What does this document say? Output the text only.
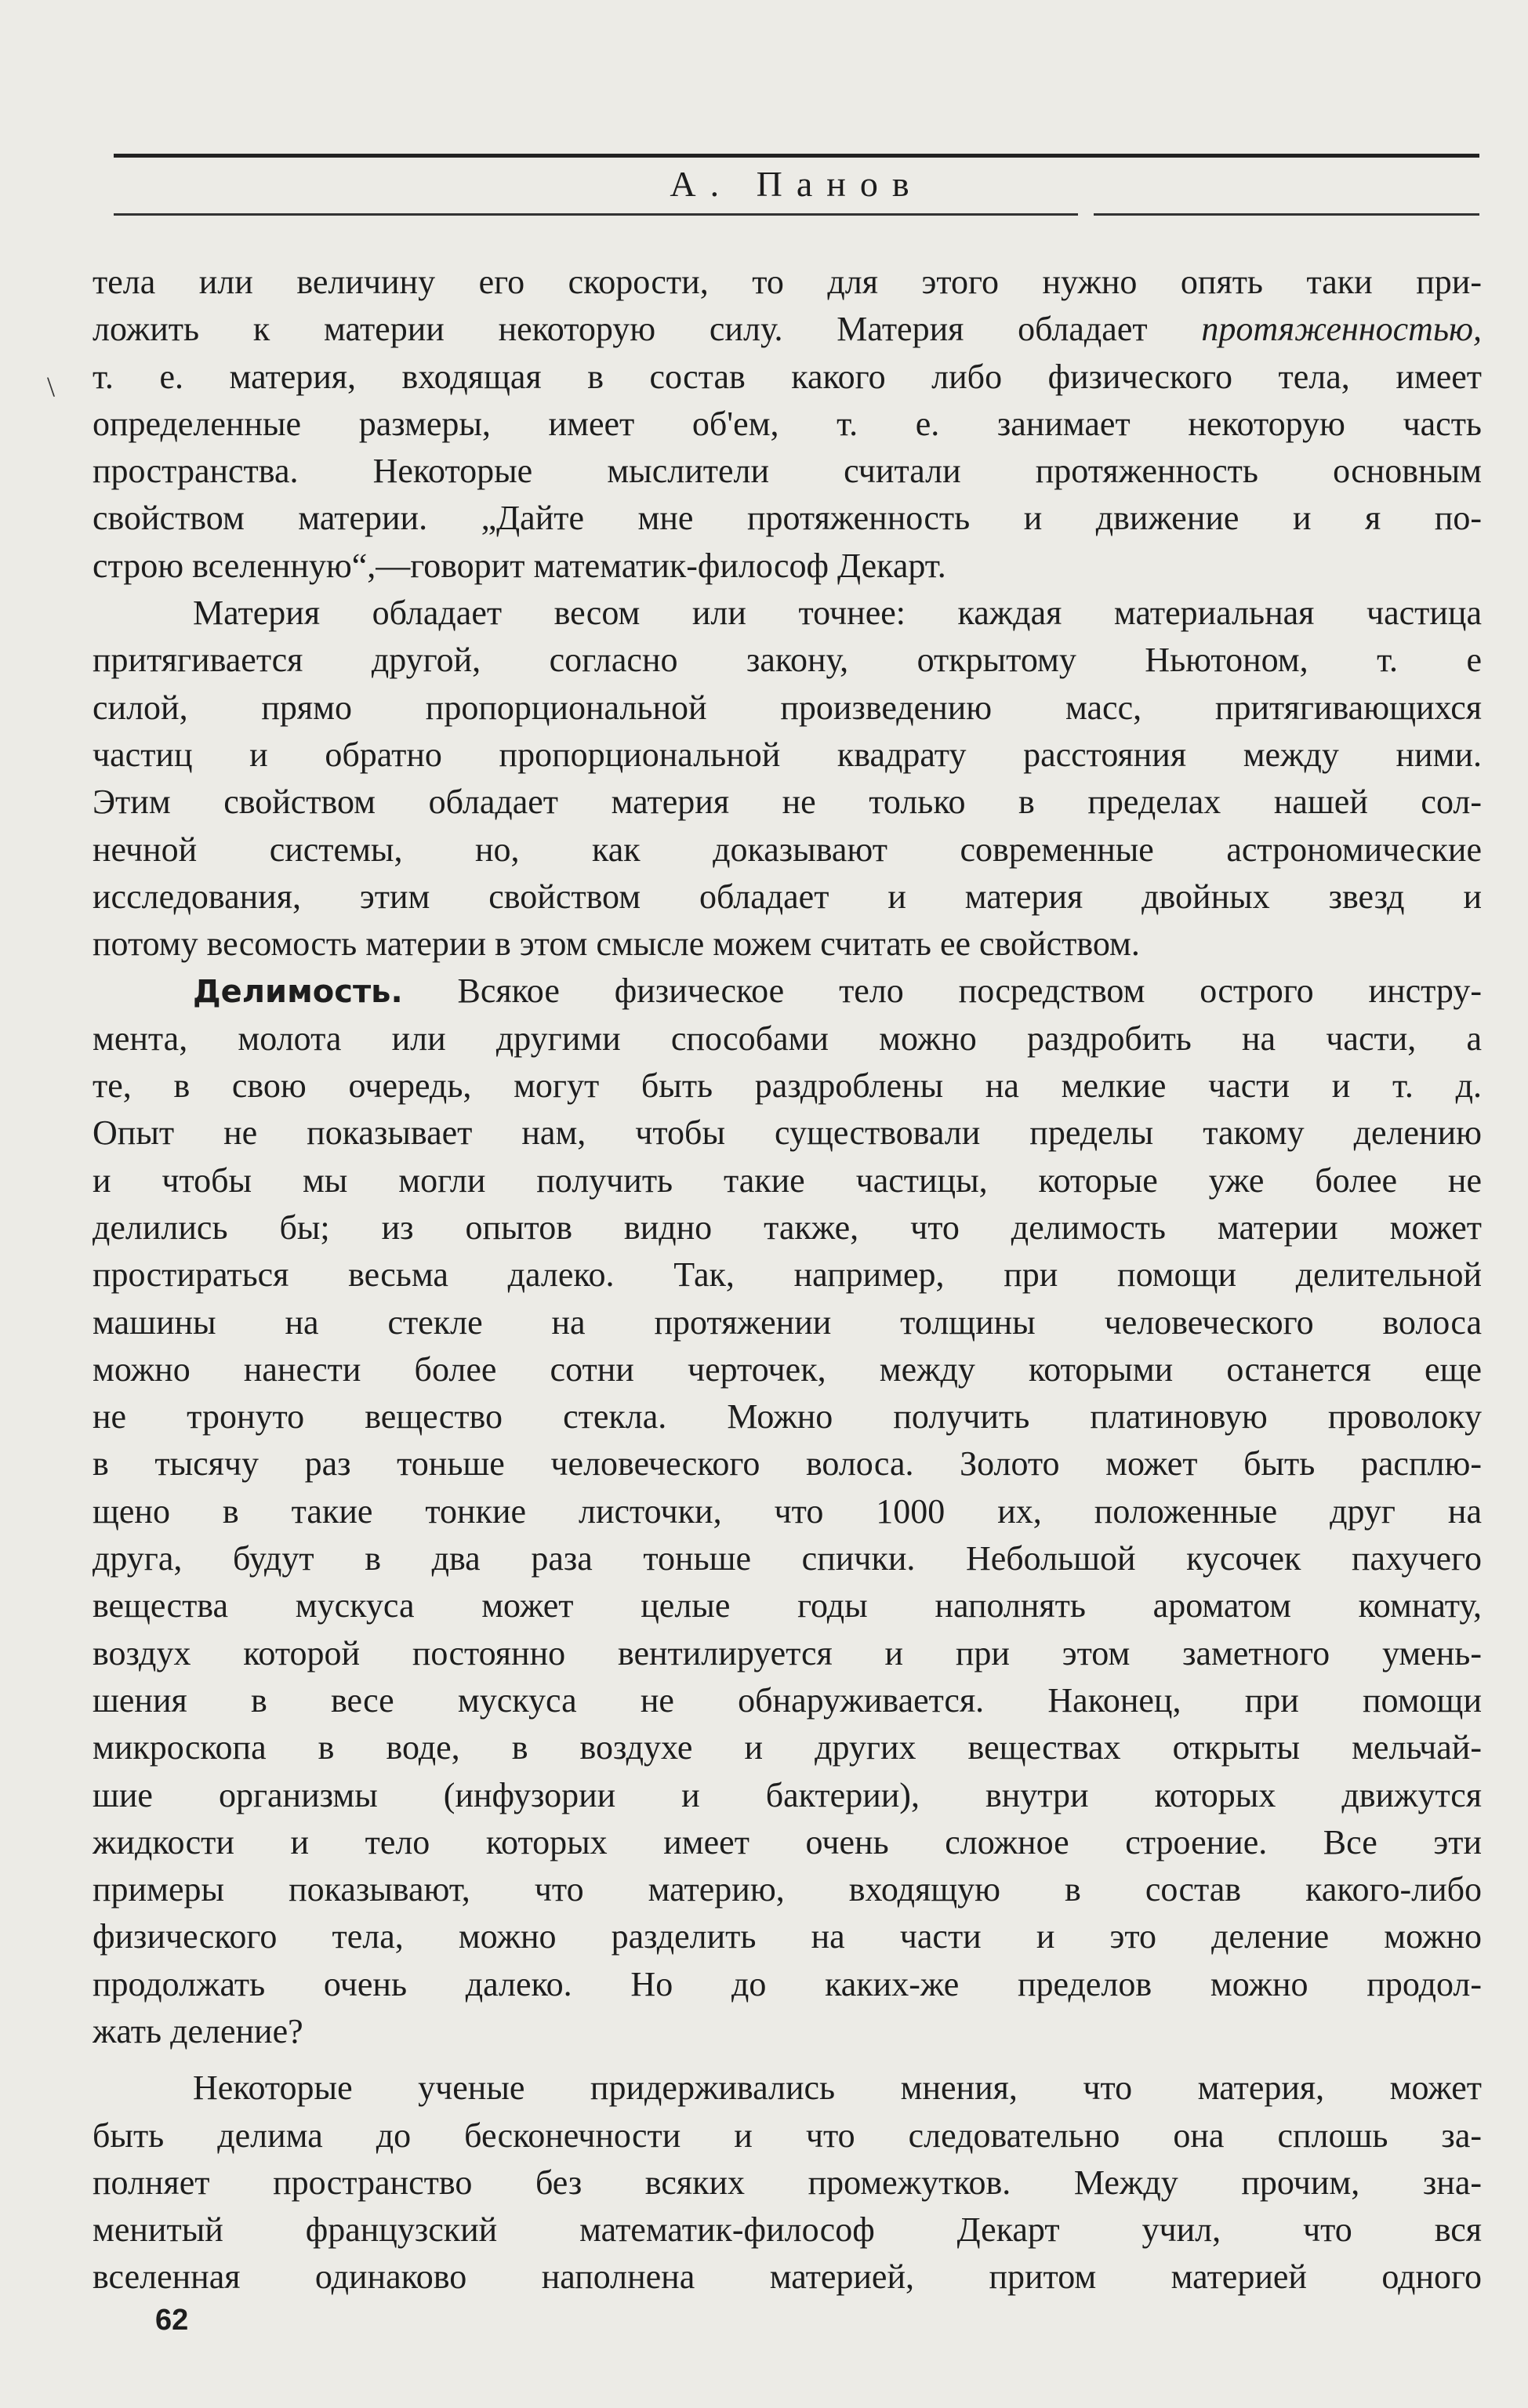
А. Панов
\
тела или величину его скорости, то для этого нужно опять таки при-
ложить к материи некоторую силу. Материя обладает протяженностью,
т. е. материя, входящая в состав какого либо физического тела, имеет
определенные размеры, имеет об'ем, т. е. занимает некоторую часть
пространства. Некоторые мыслители считали протяженность основным
свойством материи. „Дайте мне протяженность и движение и я по-
строю вселенную“,—говорит математик-философ Декарт.
Материя обладает весом или точнее: каждая материальная частица
притягивается другой, согласно закону, открытому Ньютоном, т. е
силой, прямо пропорциональной произведению масс, притягивающихся
частиц и обратно пропорциональной квадрату расстояния между ними.
Этим свойством обладает материя не только в пределах нашей сол-
нечной системы, но, как доказывают современные астрономические
исследования, этим свойством обладает и материя двойных звезд и
потому весомость материи в этом смысле можем считать ее свойством.
Делимость. Всякое физическое тело посредством острого инстру-
мента, молота или другими способами можно раздробить на части, а
те, в свою очередь, могут быть раздроблены на мелкие части и т. д.
Опыт не показывает нам, чтобы существовали пределы такому делению
и чтобы мы могли получить такие частицы, которые уже более не
делились бы; из опытов видно также, что делимость материи может
простираться весьма далеко. Так, например, при помощи делительной
машины на стекле на протяжении толщины человеческого волоса
можно нанести более сотни черточек, между которыми останется еще
не тронуто вещество стекла. Можно получить платиновую проволоку
в тысячу раз тоньше человеческого волоса. Золото может быть расплю-
щено в такие тонкие листочки, что 1000 их, положенные друг на
друга, будут в два раза тоньше спички. Небольшой кусочек пахучего
вещества мускуса может целые годы наполнять ароматом комнату,
воздух которой постоянно вентилируется и при этом заметного умень-
шения в весе мускуса не обнаруживается. Наконец, при помощи
микроскопа в воде, в воздухе и других веществах открыты мельчай-
шие организмы (инфузории и бактерии), внутри которых движутся
жидкости и тело которых имеет очень сложное строение. Все эти
примеры показывают, что материю, входящую в состав какого-либо
физического тела, можно разделить на части и это деление можно
продолжать очень далеко. Но до каких-же пределов можно продол-
жать деление?
Некоторые ученые придерживались мнения, что материя, может
быть делима до бесконечности и что следовательно она сплошь за-
полняет пространство без всяких промежутков. Между прочим, зна-
менитый французский математик-философ Декарт учил, что вся
вселенная одинаково наполнена материей, притом материей одного
62
